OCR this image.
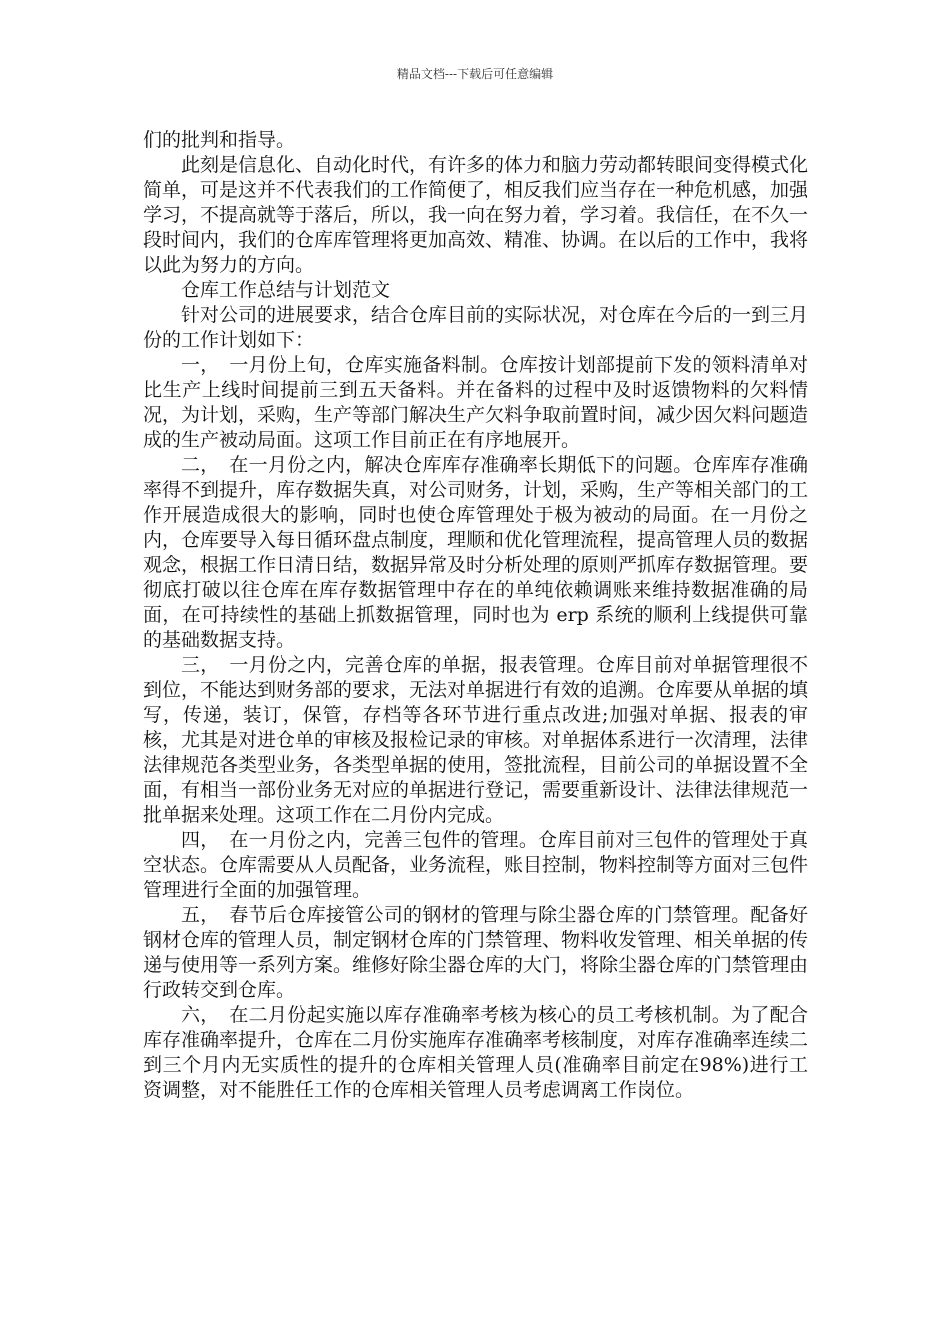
精品文档---下载后可任意编辑

们的批判和指导。

此刻是信息化、自动化时代，有许多的体力和脑力劳动都转眼间变得模式化简单，可是这并不代表我们的工作简便了，相反我们应当存在一种危机感，加强学习，不提高就等于落后，所以，我一向在努力着，学习着。我信任，在不久一段时间内，我们的仓库库管理将更加高效、精准、协调。在以后的工作中，我将以此为努力的方向。

仓库工作总结与计划范文

针对公司的进展要求，结合仓库目前的实际状况，对仓库在今后的一到三月份的工作计划如下：

一，　一月份上旬，仓库实施备料制。仓库按计划部提前下发的领料清单对比生产上线时间提前三到五天备料。并在备料的过程中及时返馈物料的欠料情况，为计划，采购，生产等部门解决生产欠料争取前置时间，减少因欠料问题造成的生产被动局面。这项工作目前正在有序地展开。

二，　在一月份之内，解决仓库库存准确率长期低下的问题。仓库库存准确率得不到提升，库存数据失真，对公司财务，计划，采购，生产等相关部门的工作开展造成很大的影响，同时也使仓库管理处于极为被动的局面。在一月份之内，仓库要导入每日循环盘点制度，理顺和优化管理流程，提高管理人员的数据观念，根据工作日清日结，数据异常及时分析处理的原则严抓库存数据管理。要彻底打破以往仓库在库存数据管理中存在的单纯依赖调账来维持数据准确的局面，在可持续性的基础上抓数据管理，同时也为 erp 系统的顺利上线提供可靠的基础数据支持。

三，　一月份之内，完善仓库的单据，报表管理。仓库目前对单据管理很不到位，不能达到财务部的要求，无法对单据进行有效的追溯。仓库要从单据的填写，传递，装订，保管，存档等各环节进行重点改进;加强对单据、报表的审核，尤其是对进仓单的审核及报检记录的审核。对单据体系进行一次清理，法律法律规范各类型业务，各类型单据的使用，签批流程，目前公司的单据设置不全面，有相当一部份业务无对应的单据进行登记，需要重新设计、法律法律规范一批单据来处理。这项工作在二月份内完成。

四，　在一月份之内，完善三包件的管理。仓库目前对三包件的管理处于真空状态。仓库需要从人员配备，业务流程，账目控制，物料控制等方面对三包件管理进行全面的加强管理。

五，　春节后仓库接管公司的钢材的管理与除尘器仓库的门禁管理。配备好钢材仓库的管理人员，制定钢材仓库的门禁管理、物料收发管理、相关单据的传递与使用等一系列方案。维修好除尘器仓库的大门，将除尘器仓库的门禁管理由行政转交到仓库。

六，　在二月份起实施以库存准确率考核为核心的员工考核机制。为了配合库存准确率提升，仓库在二月份实施库存准确率考核制度，对库存准确率连续二到三个月内无实质性的提升的仓库相关管理人员(准确率目前定在98%)进行工资调整，对不能胜任工作的仓库相关管理人员考虑调离工作岗位。
